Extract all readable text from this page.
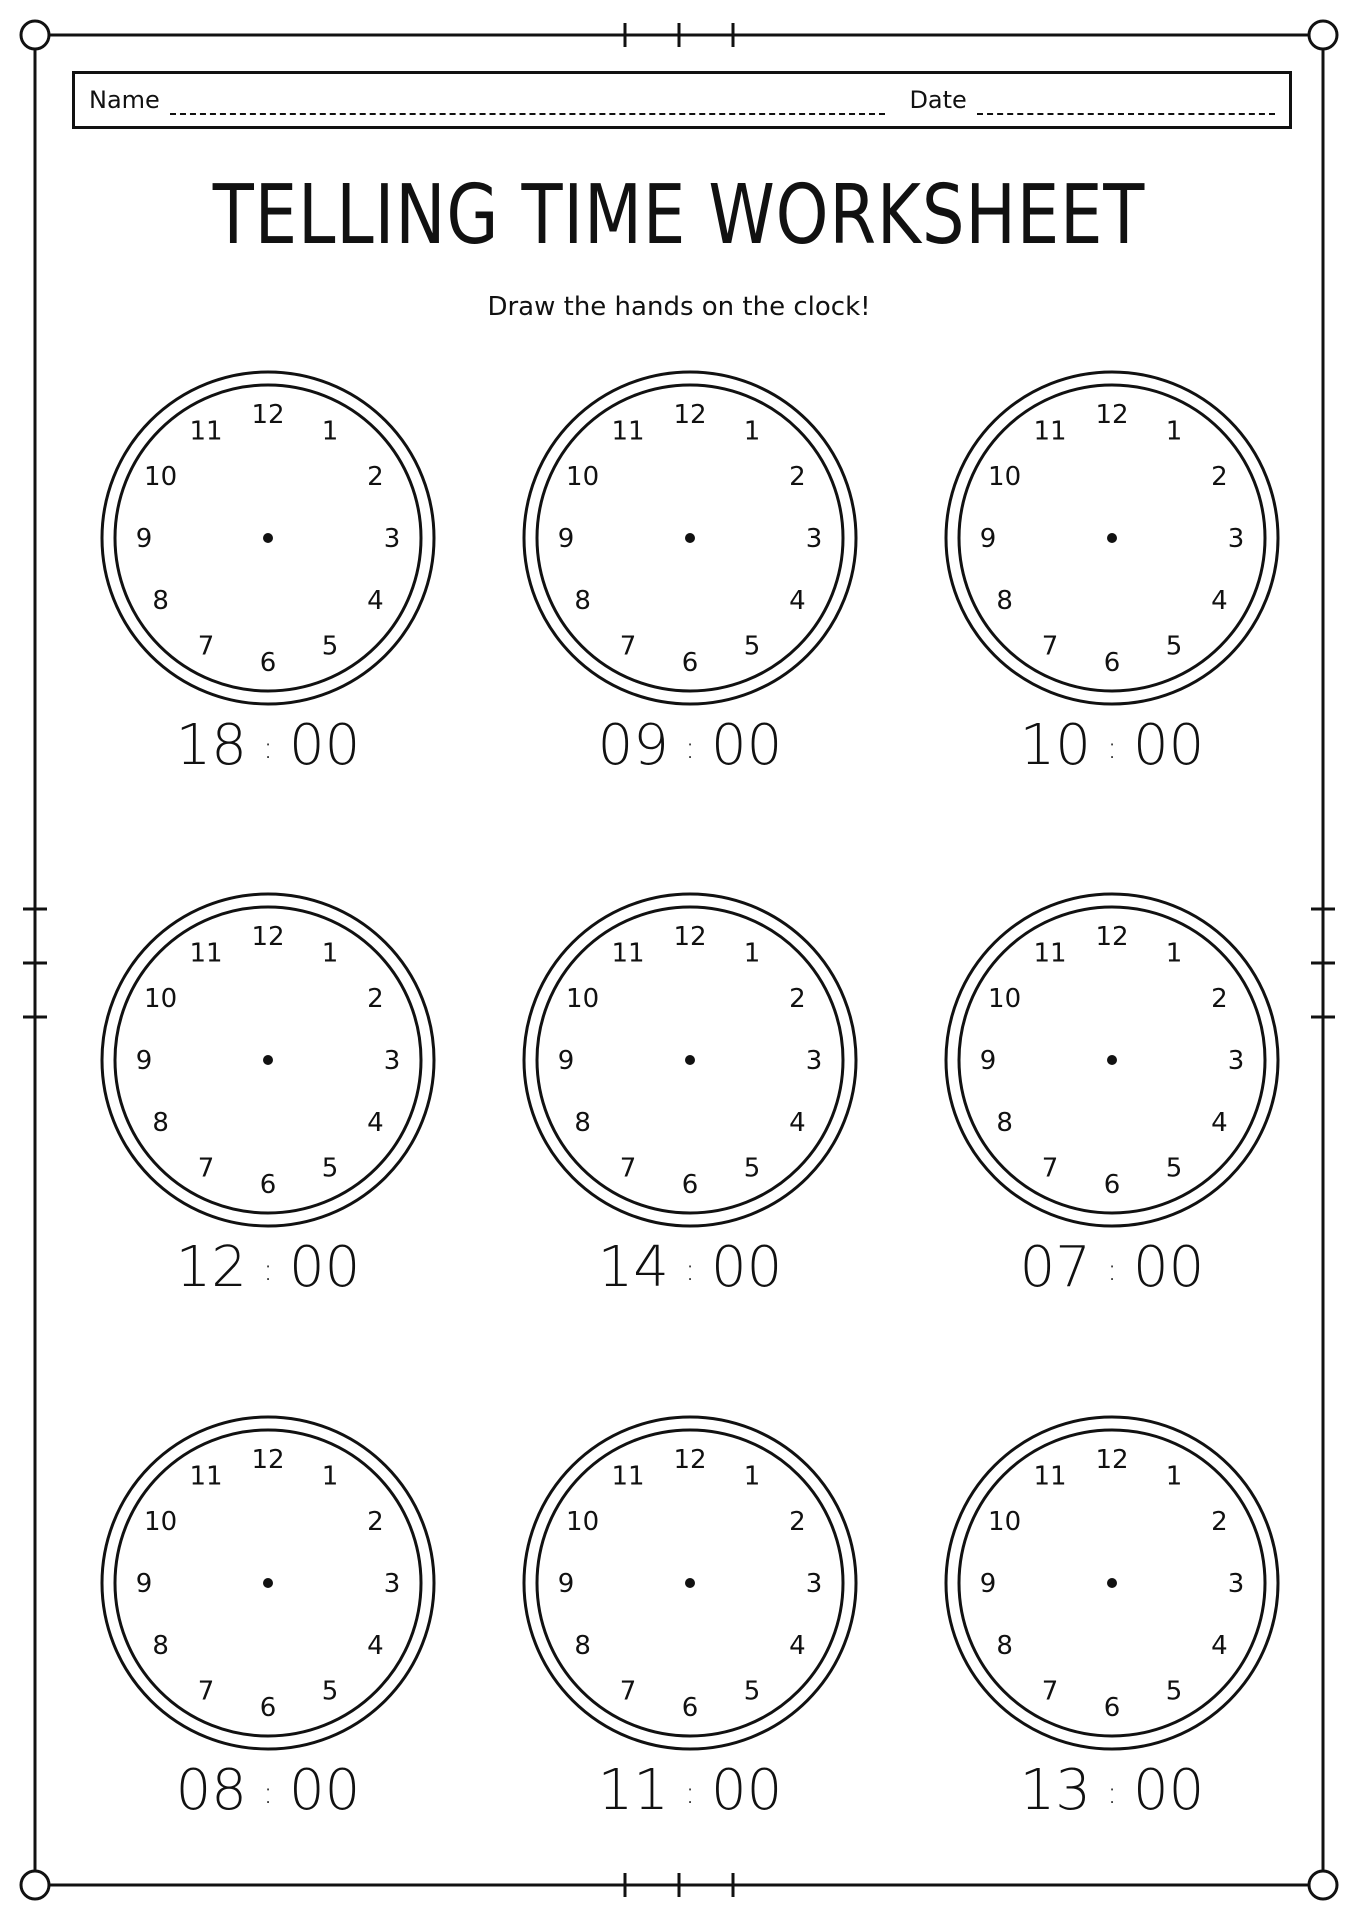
Name	Date
TELLING TIME WORKSHEET
Draw the hands on the clock!
12
1
2
3
4
5
6
7
8
9
10
11
18 : 00
12
1
2
3
4
5
6
7
8
9
10
11
09 : 00
12
1
2
3
4
5
6
7
8
9
10
11
10 : 00
12
1
2
3
4
5
6
7
8
9
10
11
12 : 00
12
1
2
3
4
5
6
7
8
9
10
11
14 : 00
12
1
2
3
4
5
6
7
8
9
10
11
07 : 00
12
1
2
3
4
5
6
7
8
9
10
11
08 : 00
12
1
2
3
4
5
6
7
8
9
10
11
11 : 00
12
1
2
3
4
5
6
7
8
9
10
11
13 : 00
